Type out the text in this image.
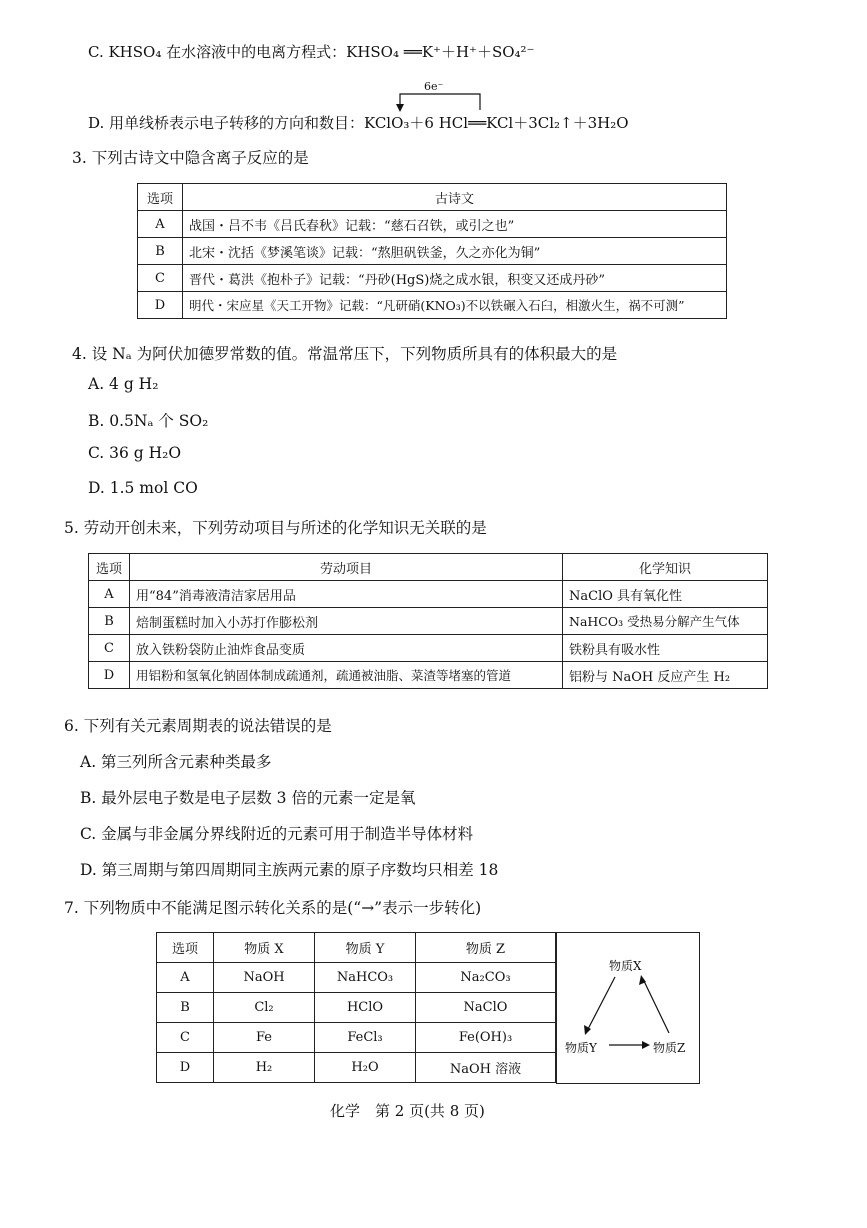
C. KHSO₄ 在水溶液中的电离方程式：KHSO₄ ══K⁺＋H⁺＋SO₄²⁻
6e⁻
D. 用单线桥表示电子转移的方向和数目：KClO₃＋6 HCl══KCl＋3Cl₂↑＋3H₂O
3. 下列古诗文中隐含离子反应的是
选项	古诗文
A	战国・吕不韦《吕氏春秋》记载：“慈石召铁，或引之也”
B	北宋・沈括《梦溪笔谈》记载：“熬胆矾铁釜，久之亦化为铜”
C	晋代・葛洪《抱朴子》记载：“丹砂(HgS)烧之成水银，积变又还成丹砂”
D	明代・宋应星《天工开物》记载：“凡研硝(KNO₃)不以铁碾入石臼，相激火生，祸不可测”
4. 设 Nₐ 为阿伏加德罗常数的值。常温常压下，下列物质所具有的体积最大的是
A. 4 g H₂
B. 0.5Nₐ 个 SO₂
C. 36 g H₂O
D. 1.5 mol CO
5. 劳动开创未来，下列劳动项目与所述的化学知识无关联的是
选项	劳动项目	化学知识
A	用“84”消毒液清洁家居用品	NaClO 具有氧化性
B	焙制蛋糕时加入小苏打作膨松剂	NaHCO₃ 受热易分解产生气体
C	放入铁粉袋防止油炸食品变质	铁粉具有吸水性
D	用铝粉和氢氧化钠固体制成疏通剂，疏通被油脂、菜渣等堵塞的管道	铝粉与 NaOH 反应产生 H₂
6. 下列有关元素周期表的说法错误的是
A. 第三列所含元素种类最多
B. 最外层电子数是电子层数 3 倍的元素一定是氧
C. 金属与非金属分界线附近的元素可用于制造半导体材料
D. 第三周期与第四周期同主族两元素的原子序数均只相差 18
7. 下列物质中不能满足图示转化关系的是(“→”表示一步转化)
选项	物质 X	物质 Y	物质 Z
A	NaOH	NaHCO₃	Na₂CO₃
B	Cl₂	HClO	NaClO
C	Fe	FeCl₃	Fe(OH)₃
D	H₂	H₂O	NaOH 溶液
物质X
物质Y	物质Z
化学　第 2 页(共 8 页)
